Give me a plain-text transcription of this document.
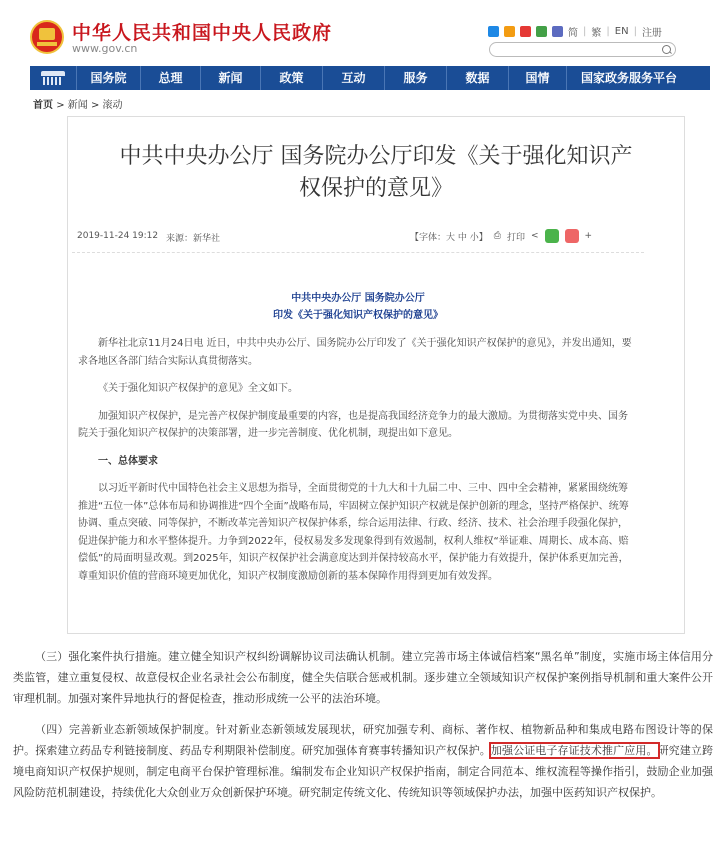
中华人民共和国中央人民政府
www.gov.cn
简 | 繁 | EN | 注册
国务院	总理	新闻	政策	互动	服务	数据	国情	国家政务服务平台
首页 > 新闻 > 滚动
中共中央办公厅 国务院办公厅印发《关于强化知识产
权保护的意见》
2019-11-24 19:12 来源：新华社	【字体：大 中 小】 ⎙ 打印 <	+
中共中央办公厅 国务院办公厅
印发《关于强化知识产权保护的意见》

新华社北京11月24日电 近日，中共中央办公厅、国务院办公厅印发了《关于强化知识产权保护的意见》，并发出通知，要求各地区各部门结合实际认真贯彻落实。

《关于强化知识产权保护的意见》全文如下。

加强知识产权保护，是完善产权保护制度最重要的内容，也是提高我国经济竞争力的最大激励。为贯彻落实党中央、国务院关于强化知识产权保护的决策部署，进一步完善制度、优化机制，现提出如下意见。

一、总体要求

以习近平新时代中国特色社会主义思想为指导，全面贯彻党的十九大和十九届二中、三中、四中全会精神，紧紧围绕统筹推进“五位一体”总体布局和协调推进“四个全面”战略布局，牢固树立保护知识产权就是保护创新的理念，坚持严格保护、统筹协调、重点突破、同等保护，不断改革完善知识产权保护体系，综合运用法律、行政、经济、技术、社会治理手段强化保护，促进保护能力和水平整体提升。力争到2022年，侵权易发多发现象得到有效遏制，权利人维权“举证难、周期长、成本高、赔偿低”的局面明显改观。到2025年，知识产权保护社会满意度达到并保持较高水平，保护能力有效提升，保护体系更加完善，尊重知识价值的营商环境更加优化，知识产权制度激励创新的基本保障作用得到更加有效发挥。

（三）强化案件执行措施。建立健全知识产权纠纷调解协议司法确认机制。建立完善市场主体诚信档案“黑名单”制度，实施市场主体信用分类监管，建立重复侵权、故意侵权企业名录社会公布制度，健全失信联合惩戒机制。逐步建立全领域知识产权保护案例指导机制和重大案件公开审理机制。加强对案件异地执行的督促检查，推动形成统一公平的法治环境。

（四）完善新业态新领域保护制度。针对新业态新领域发展现状，研究加强专利、商标、著作权、植物新品种和集成电路布图设计等的保护。探索建立药品专利链接制度、药品专利期限补偿制度。研究加强体育赛事转播知识产权保护。加强公证电子存证技术推广应用。研究建立跨境电商知识产权保护规则，制定电商平台保护管理标准。编制发布企业知识产权保护指南，制定合同范本、维权流程等操作指引，鼓励企业加强风险防范机制建设，持续优化大众创业万众创新保护环境。研究制定传统文化、传统知识等领域保护办法，加强中医药知识产权保护。
